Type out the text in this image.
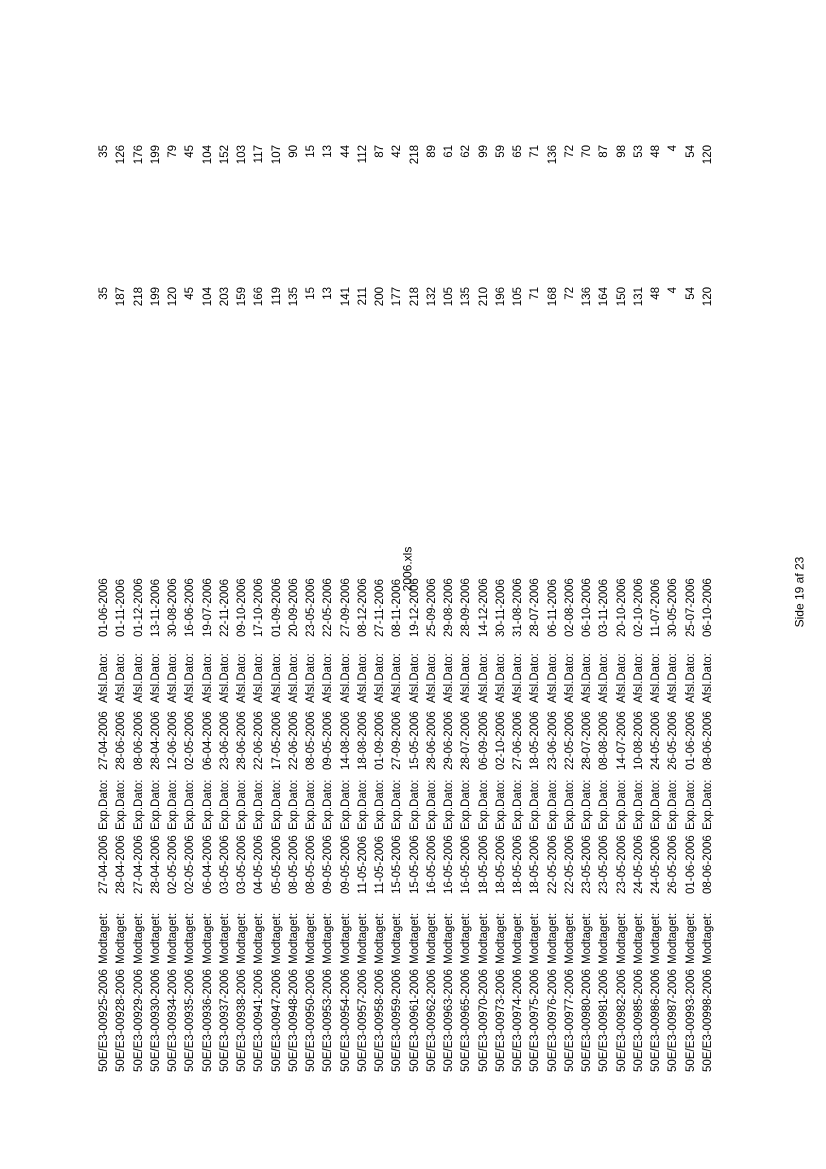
2006.xls	Side 19 af 23
50E/E3-00925-2006
Modtaget:
27-04-2006
Exp.Dato:
27-04-2006
Afsl.Dato:
01-06-2006
35
35
50E/E3-00928-2006
Modtaget:
28-04-2006
Exp.Dato:
28-06-2006
Afsl.Dato:
01-11-2006
187
126
50E/E3-00929-2006
Modtaget:
27-04-2006
Exp.Dato:
08-06-2006
Afsl.Dato:
01-12-2006
218
176
50E/E3-00930-2006
Modtaget:
28-04-2006
Exp.Dato:
28-04-2006
Afsl.Dato:
13-11-2006
199
199
50E/E3-00934-2006
Modtaget:
02-05-2006
Exp.Dato:
12-06-2006
Afsl.Dato:
30-08-2006
120
79
50E/E3-00935-2006
Modtaget:
02-05-2006
Exp.Dato:
02-05-2006
Afsl.Dato:
16-06-2006
45
45
50E/E3-00936-2006
Modtaget:
06-04-2006
Exp.Dato:
06-04-2006
Afsl.Dato:
19-07-2006
104
104
50E/E3-00937-2006
Modtaget:
03-05-2006
Exp.Dato:
23-06-2006
Afsl.Dato:
22-11-2006
203
152
50E/E3-00938-2006
Modtaget:
03-05-2006
Exp.Dato:
28-06-2006
Afsl.Dato:
09-10-2006
159
103
50E/E3-00941-2006
Modtaget:
04-05-2006
Exp.Dato:
22-06-2006
Afsl.Dato:
17-10-2006
166
117
50E/E3-00947-2006
Modtaget:
05-05-2006
Exp.Dato:
17-05-2006
Afsl.Dato:
01-09-2006
119
107
50E/E3-00948-2006
Modtaget:
08-05-2006
Exp.Dato:
22-06-2006
Afsl.Dato:
20-09-2006
135
90
50E/E3-00950-2006
Modtaget:
08-05-2006
Exp.Dato:
08-05-2006
Afsl.Dato:
23-05-2006
15
15
50E/E3-00953-2006
Modtaget:
09-05-2006
Exp.Dato:
09-05-2006
Afsl.Dato:
22-05-2006
13
13
50E/E3-00954-2006
Modtaget:
09-05-2006
Exp.Dato:
14-08-2006
Afsl.Dato:
27-09-2006
141
44
50E/E3-00957-2006
Modtaget:
11-05-2006
Exp.Dato:
18-08-2006
Afsl.Dato:
08-12-2006
211
112
50E/E3-00958-2006
Modtaget:
11-05-2006
Exp.Dato:
01-09-2006
Afsl.Dato:
27-11-2006
200
87
50E/E3-00959-2006
Modtaget:
15-05-2006
Exp.Dato:
27-09-2006
Afsl.Dato:
08-11-2006
177
42
50E/E3-00961-2006
Modtaget:
15-05-2006
Exp.Dato:
15-05-2006
Afsl.Dato:
19-12-2006
218
218
50E/E3-00962-2006
Modtaget:
16-05-2006
Exp.Dato:
28-06-2006
Afsl.Dato:
25-09-2006
132
89
50E/E3-00963-2006
Modtaget:
16-05-2006
Exp.Dato:
29-06-2006
Afsl.Dato:
29-08-2006
105
61
50E/E3-00965-2006
Modtaget:
16-05-2006
Exp.Dato:
28-07-2006
Afsl.Dato:
28-09-2006
135
62
50E/E3-00970-2006
Modtaget:
18-05-2006
Exp.Dato:
06-09-2006
Afsl.Dato:
14-12-2006
210
99
50E/E3-00973-2006
Modtaget:
18-05-2006
Exp.Dato:
02-10-2006
Afsl.Dato:
30-11-2006
196
59
50E/E3-00974-2006
Modtaget:
18-05-2006
Exp.Dato:
27-06-2006
Afsl.Dato:
31-08-2006
105
65
50E/E3-00975-2006
Modtaget:
18-05-2006
Exp.Dato:
18-05-2006
Afsl.Dato:
28-07-2006
71
71
50E/E3-00976-2006
Modtaget:
22-05-2006
Exp.Dato:
23-06-2006
Afsl.Dato:
06-11-2006
168
136
50E/E3-00977-2006
Modtaget:
22-05-2006
Exp.Dato:
22-05-2006
Afsl.Dato:
02-08-2006
72
72
50E/E3-00980-2006
Modtaget:
23-05-2006
Exp.Dato:
28-07-2006
Afsl.Dato:
06-10-2006
136
70
50E/E3-00981-2006
Modtaget:
23-05-2006
Exp.Dato:
08-08-2006
Afsl.Dato:
03-11-2006
164
87
50E/E3-00982-2006
Modtaget:
23-05-2006
Exp.Dato:
14-07-2006
Afsl.Dato:
20-10-2006
150
98
50E/E3-00985-2006
Modtaget:
24-05-2006
Exp.Dato:
10-08-2006
Afsl.Dato:
02-10-2006
131
53
50E/E3-00986-2006
Modtaget:
24-05-2006
Exp.Dato:
24-05-2006
Afsl.Dato:
11-07-2006
48
48
50E/E3-00987-2006
Modtaget:
26-05-2006
Exp.Dato:
26-05-2006
Afsl.Dato:
30-05-2006
4
4
50E/E3-00993-2006
Modtaget:
01-06-2006
Exp.Dato:
01-06-2006
Afsl.Dato:
25-07-2006
54
54
50E/E3-00998-2006
Modtaget:
08-06-2006
Exp.Dato:
08-06-2006
Afsl.Dato:
06-10-2006
120
120
